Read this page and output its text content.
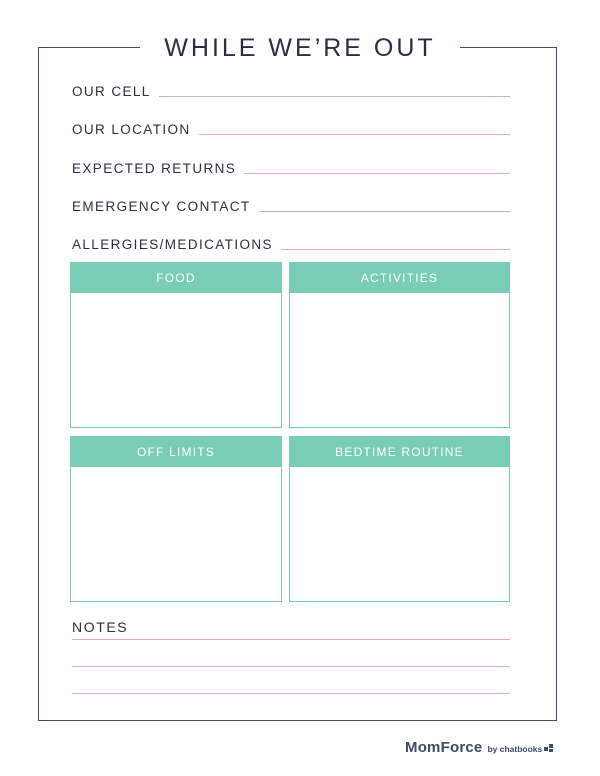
WHILE WE’RE OUT
OUR CELL
OUR LOCATION
EXPECTED RETURNS
EMERGENCY CONTACT
ALLERGIES/MEDICATIONS
FOOD	ACTIVITIES
OFF LIMITS	BEDTIME ROUTINE
NOTES
MomForce by chatbooks
